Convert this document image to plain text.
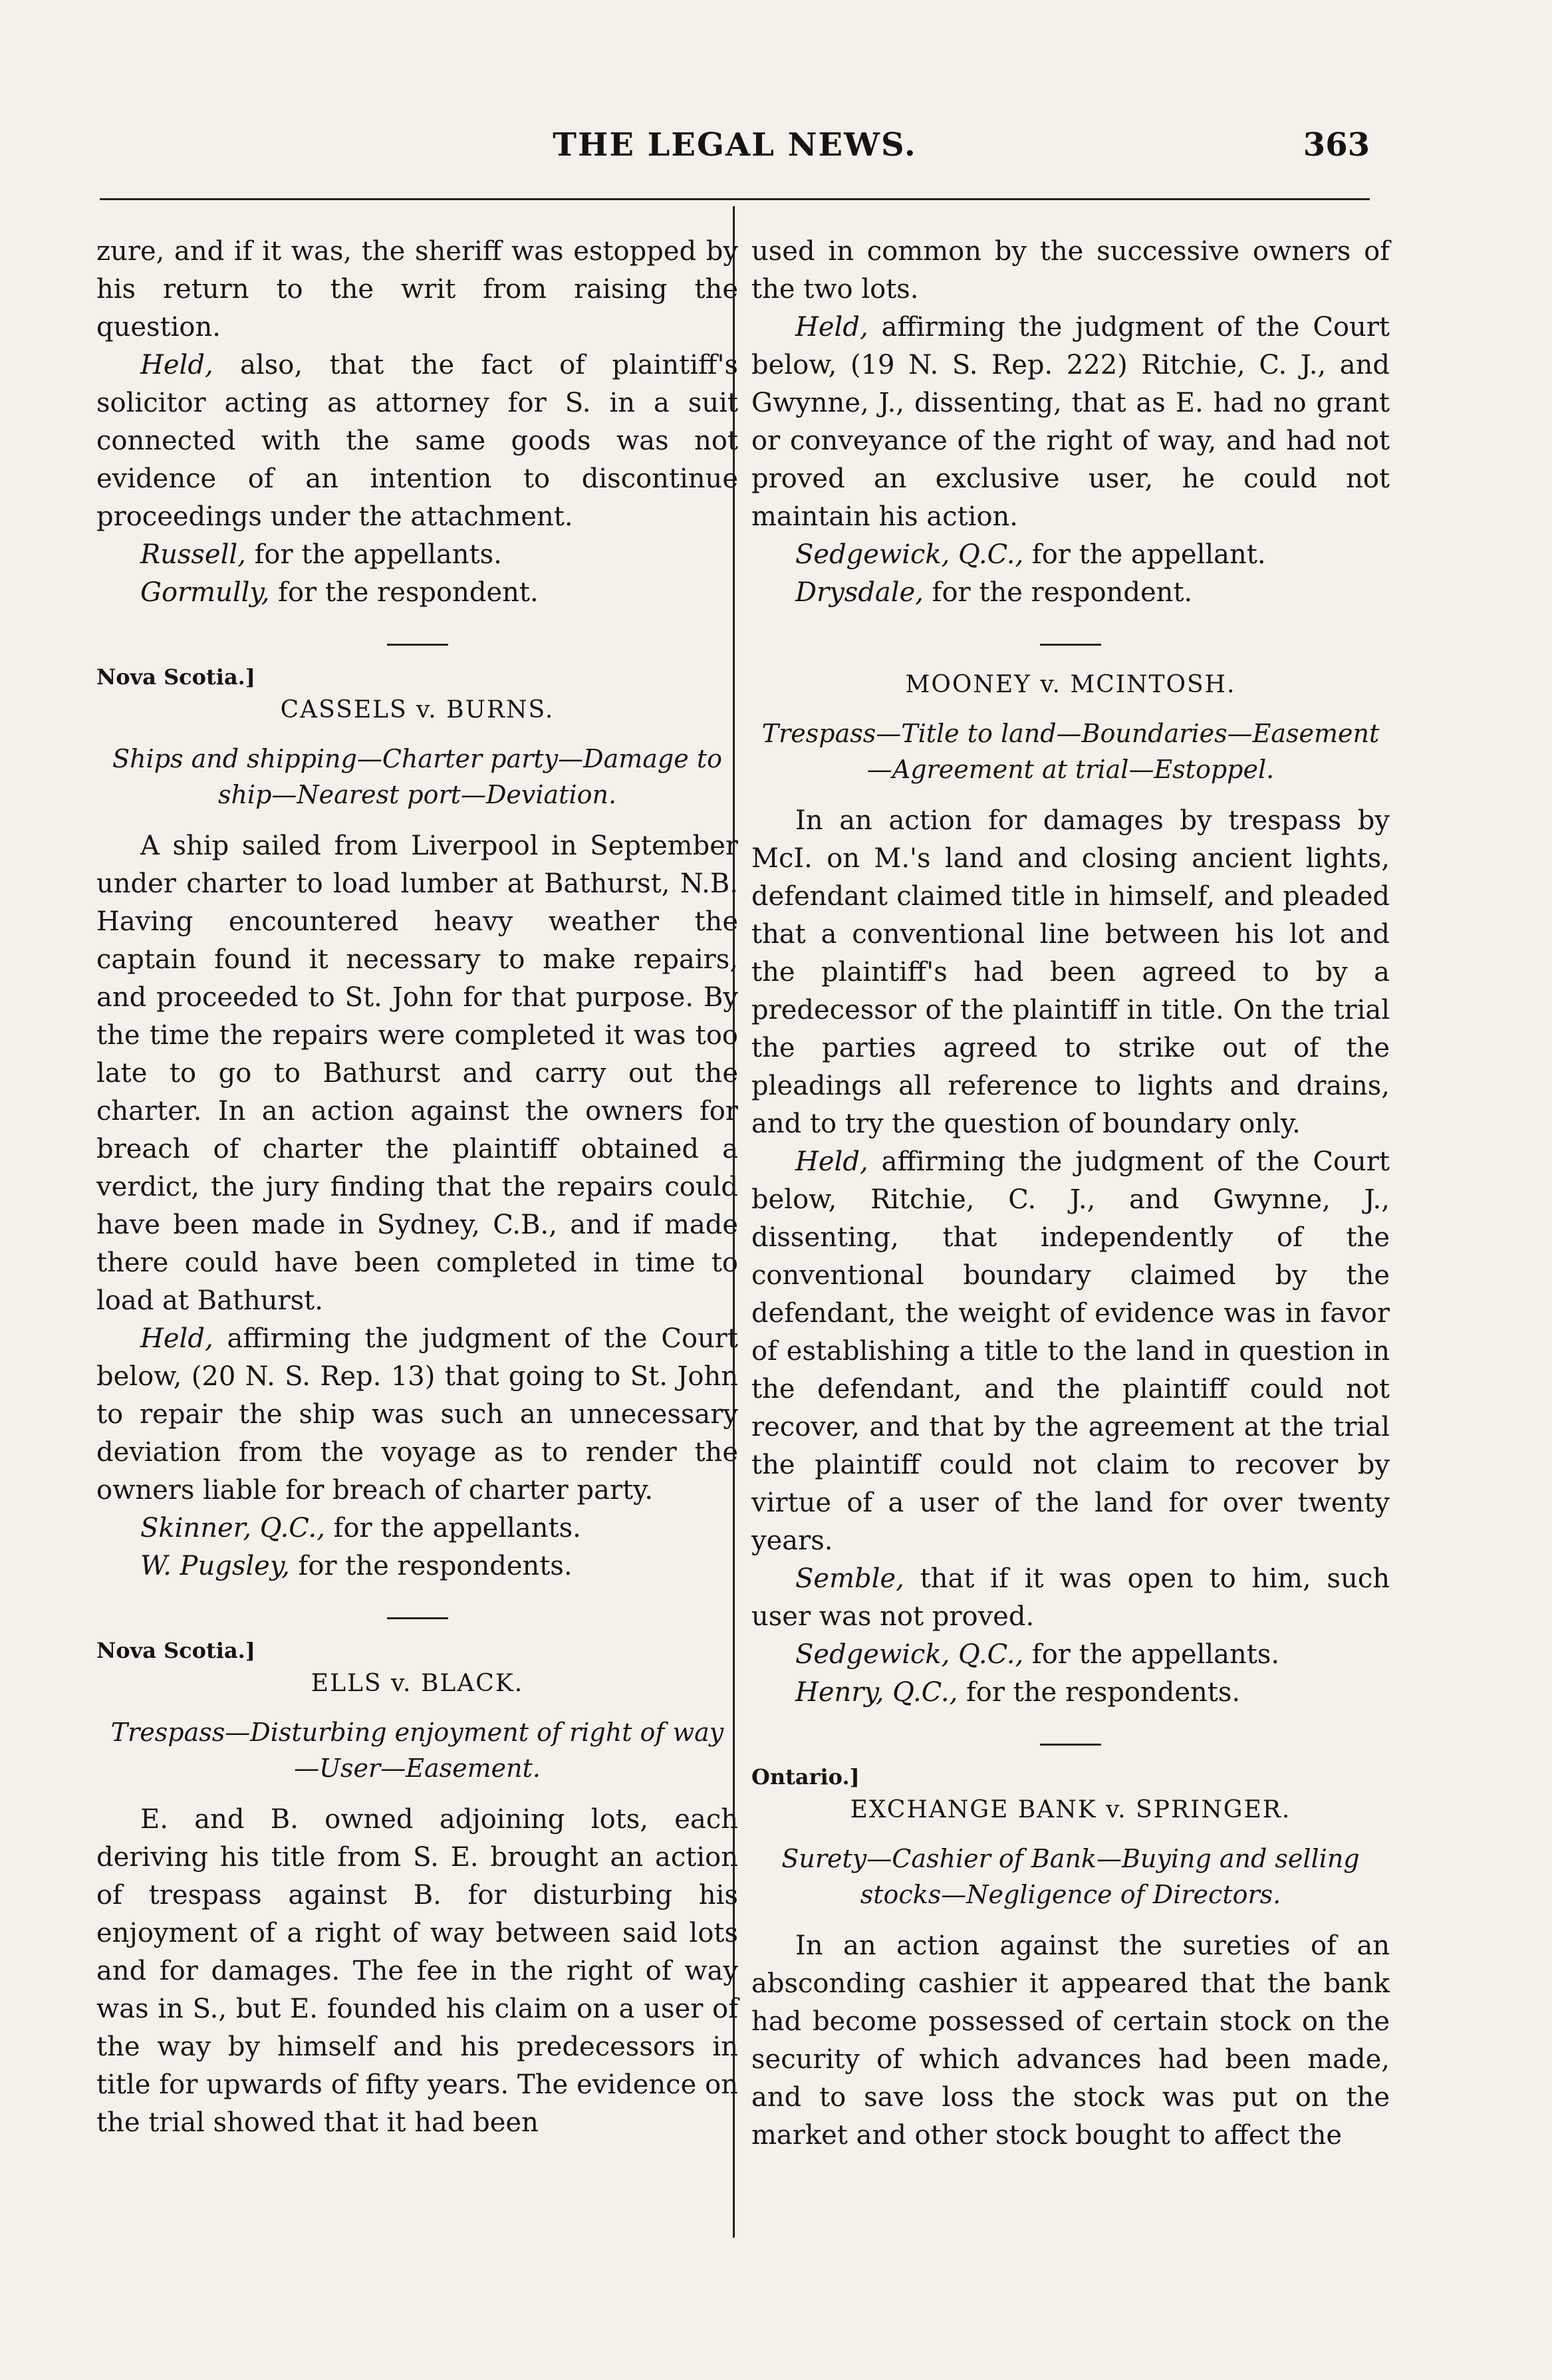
THE LEGAL NEWS.	363

zure, and if it was, the sheriff was estopped by his return to the writ from raising the question.

Held, also, that the fact of plaintiff's solicitor acting as attorney for S. in a suit connected with the same goods was not evidence of an intention to discontinue proceedings under the attachment.

Russell, for the appellants.

Gormully, for the respondent.

Nova Scotia.]
CASSELS v. BURNS.
Ships and shipping—Charter party—Damage to ship—Nearest port—Deviation.

A ship sailed from Liverpool in September under charter to load lumber at Bathurst, N.B. Having encountered heavy weather the captain found it necessary to make repairs, and proceeded to St. John for that purpose. By the time the repairs were completed it was too late to go to Bathurst and carry out the charter. In an action against the owners for breach of charter the plaintiff obtained a verdict, the jury finding that the repairs could have been made in Sydney, C.B., and if made there could have been completed in time to load at Bathurst.

Held, affirming the judgment of the Court below, (20 N. S. Rep. 13) that going to St. John to repair the ship was such an unnecessary deviation from the voyage as to render the owners liable for breach of charter party.

Skinner, Q.C., for the appellants.

W. Pugsley, for the respondents.

Nova Scotia.]
ELLS v. BLACK.
Trespass—Disturbing enjoyment of right of way —User—Easement.

E. and B. owned adjoining lots, each deriving his title from S. E. brought an action of trespass against B. for disturbing his enjoyment of a right of way between said lots and for damages. The fee in the right of way was in S., but E. founded his claim on a user of the way by himself and his predecessors in title for upwards of fifty years. The evidence on the trial showed that it had been

used in common by the successive owners of the two lots.

Held, affirming the judgment of the Court below, (19 N. S. Rep. 222) Ritchie, C. J., and Gwynne, J., dissenting, that as E. had no grant or conveyance of the right of way, and had not proved an exclusive user, he could not maintain his action.

Sedgewick, Q.C., for the appellant.

Drysdale, for the respondent.

MOONEY v. MCINTOSH.
Trespass—Title to land—Boundaries—Easement—Agreement at trial—Estoppel.

In an action for damages by trespass by McI. on M.'s land and closing ancient lights, defendant claimed title in himself, and pleaded that a conventional line between his lot and the plaintiff's had been agreed to by a predecessor of the plaintiff in title. On the trial the parties agreed to strike out of the pleadings all reference to lights and drains, and to try the question of boundary only.

Held, affirming the judgment of the Court below, Ritchie, C. J., and Gwynne, J., dissenting, that independently of the conventional boundary claimed by the defendant, the weight of evidence was in favor of establishing a title to the land in question in the defendant, and the plaintiff could not recover, and that by the agreement at the trial the plaintiff could not claim to recover by virtue of a user of the land for over twenty years.

Semble, that if it was open to him, such user was not proved.

Sedgewick, Q.C., for the appellants.

Henry, Q.C., for the respondents.

Ontario.]
EXCHANGE BANK v. SPRINGER.
Surety—Cashier of Bank—Buying and selling stocks—Negligence of Directors.

In an action against the sureties of an absconding cashier it appeared that the bank had become possessed of certain stock on the security of which advances had been made, and to save loss the stock was put on the market and other stock bought to affect the
